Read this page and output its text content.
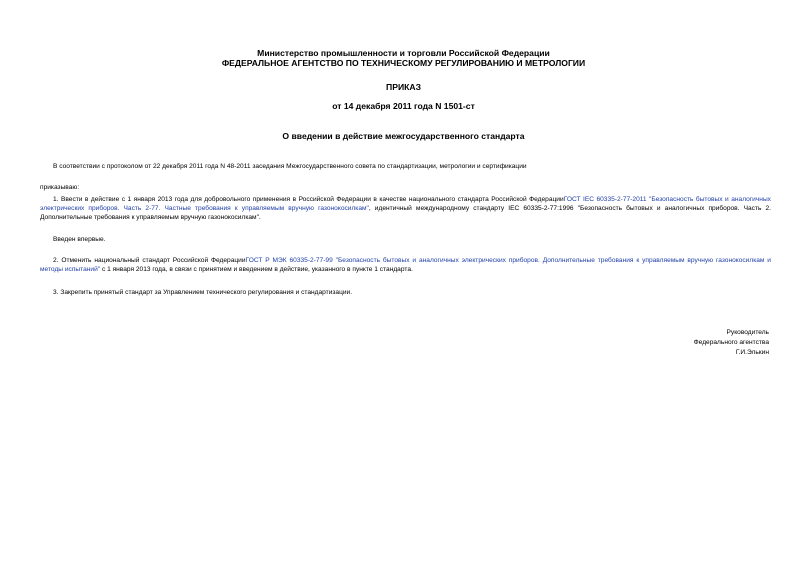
Министерство промышленности и торговли Российской Федерации
ФЕДЕРАЛЬНОЕ АГЕНТСТВО ПО ТЕХНИЧЕСКОМУ РЕГУЛИРОВАНИЮ И МЕТРОЛОГИИ
ПРИКАЗ
от 14 декабря 2011 года N 1501-ст
О введении в действие межгосударственного стандарта
В соответствии с протоколом от 22 декабря 2011 года N 48-2011 заседания Межгосударственного совета по стандартизации, метрологии и сертификации
приказываю:
1. Ввести в действие с 1 января 2013 года для добровольного применения в Российской Федерации в качестве национального стандарта Российской ФедерацииГОСТ IEC 60335-2-77-2011 "Безопасность бытовых и аналогичных электрических приборов. Часть 2-77. Частные требования к управляемым вручную газонокосилкам", идентичный международному стандарту IEC 60335-2-77:1996 "Безопасность бытовых и аналогичных приборов. Часть 2. Дополнительные требования к управляемым вручную газонокосилкам".
Введен впервые.
2. Отменить национальный стандарт Российской ФедерацииГОСТ Р МЭК 60335-2-77-99 "Безопасность бытовых и аналогичных электрических приборов. Дополнительные требования к управляемым вручную газонокосилкам и методы испытаний" с 1 января 2013 года, в связи с принятием и введением в действие, указанного в пункте 1 стандарта.
3. Закрепить принятый стандарт за Управлением технического регулирования и стандартизации.
Руководитель
Федерального агентства
Г.И.Элькин
